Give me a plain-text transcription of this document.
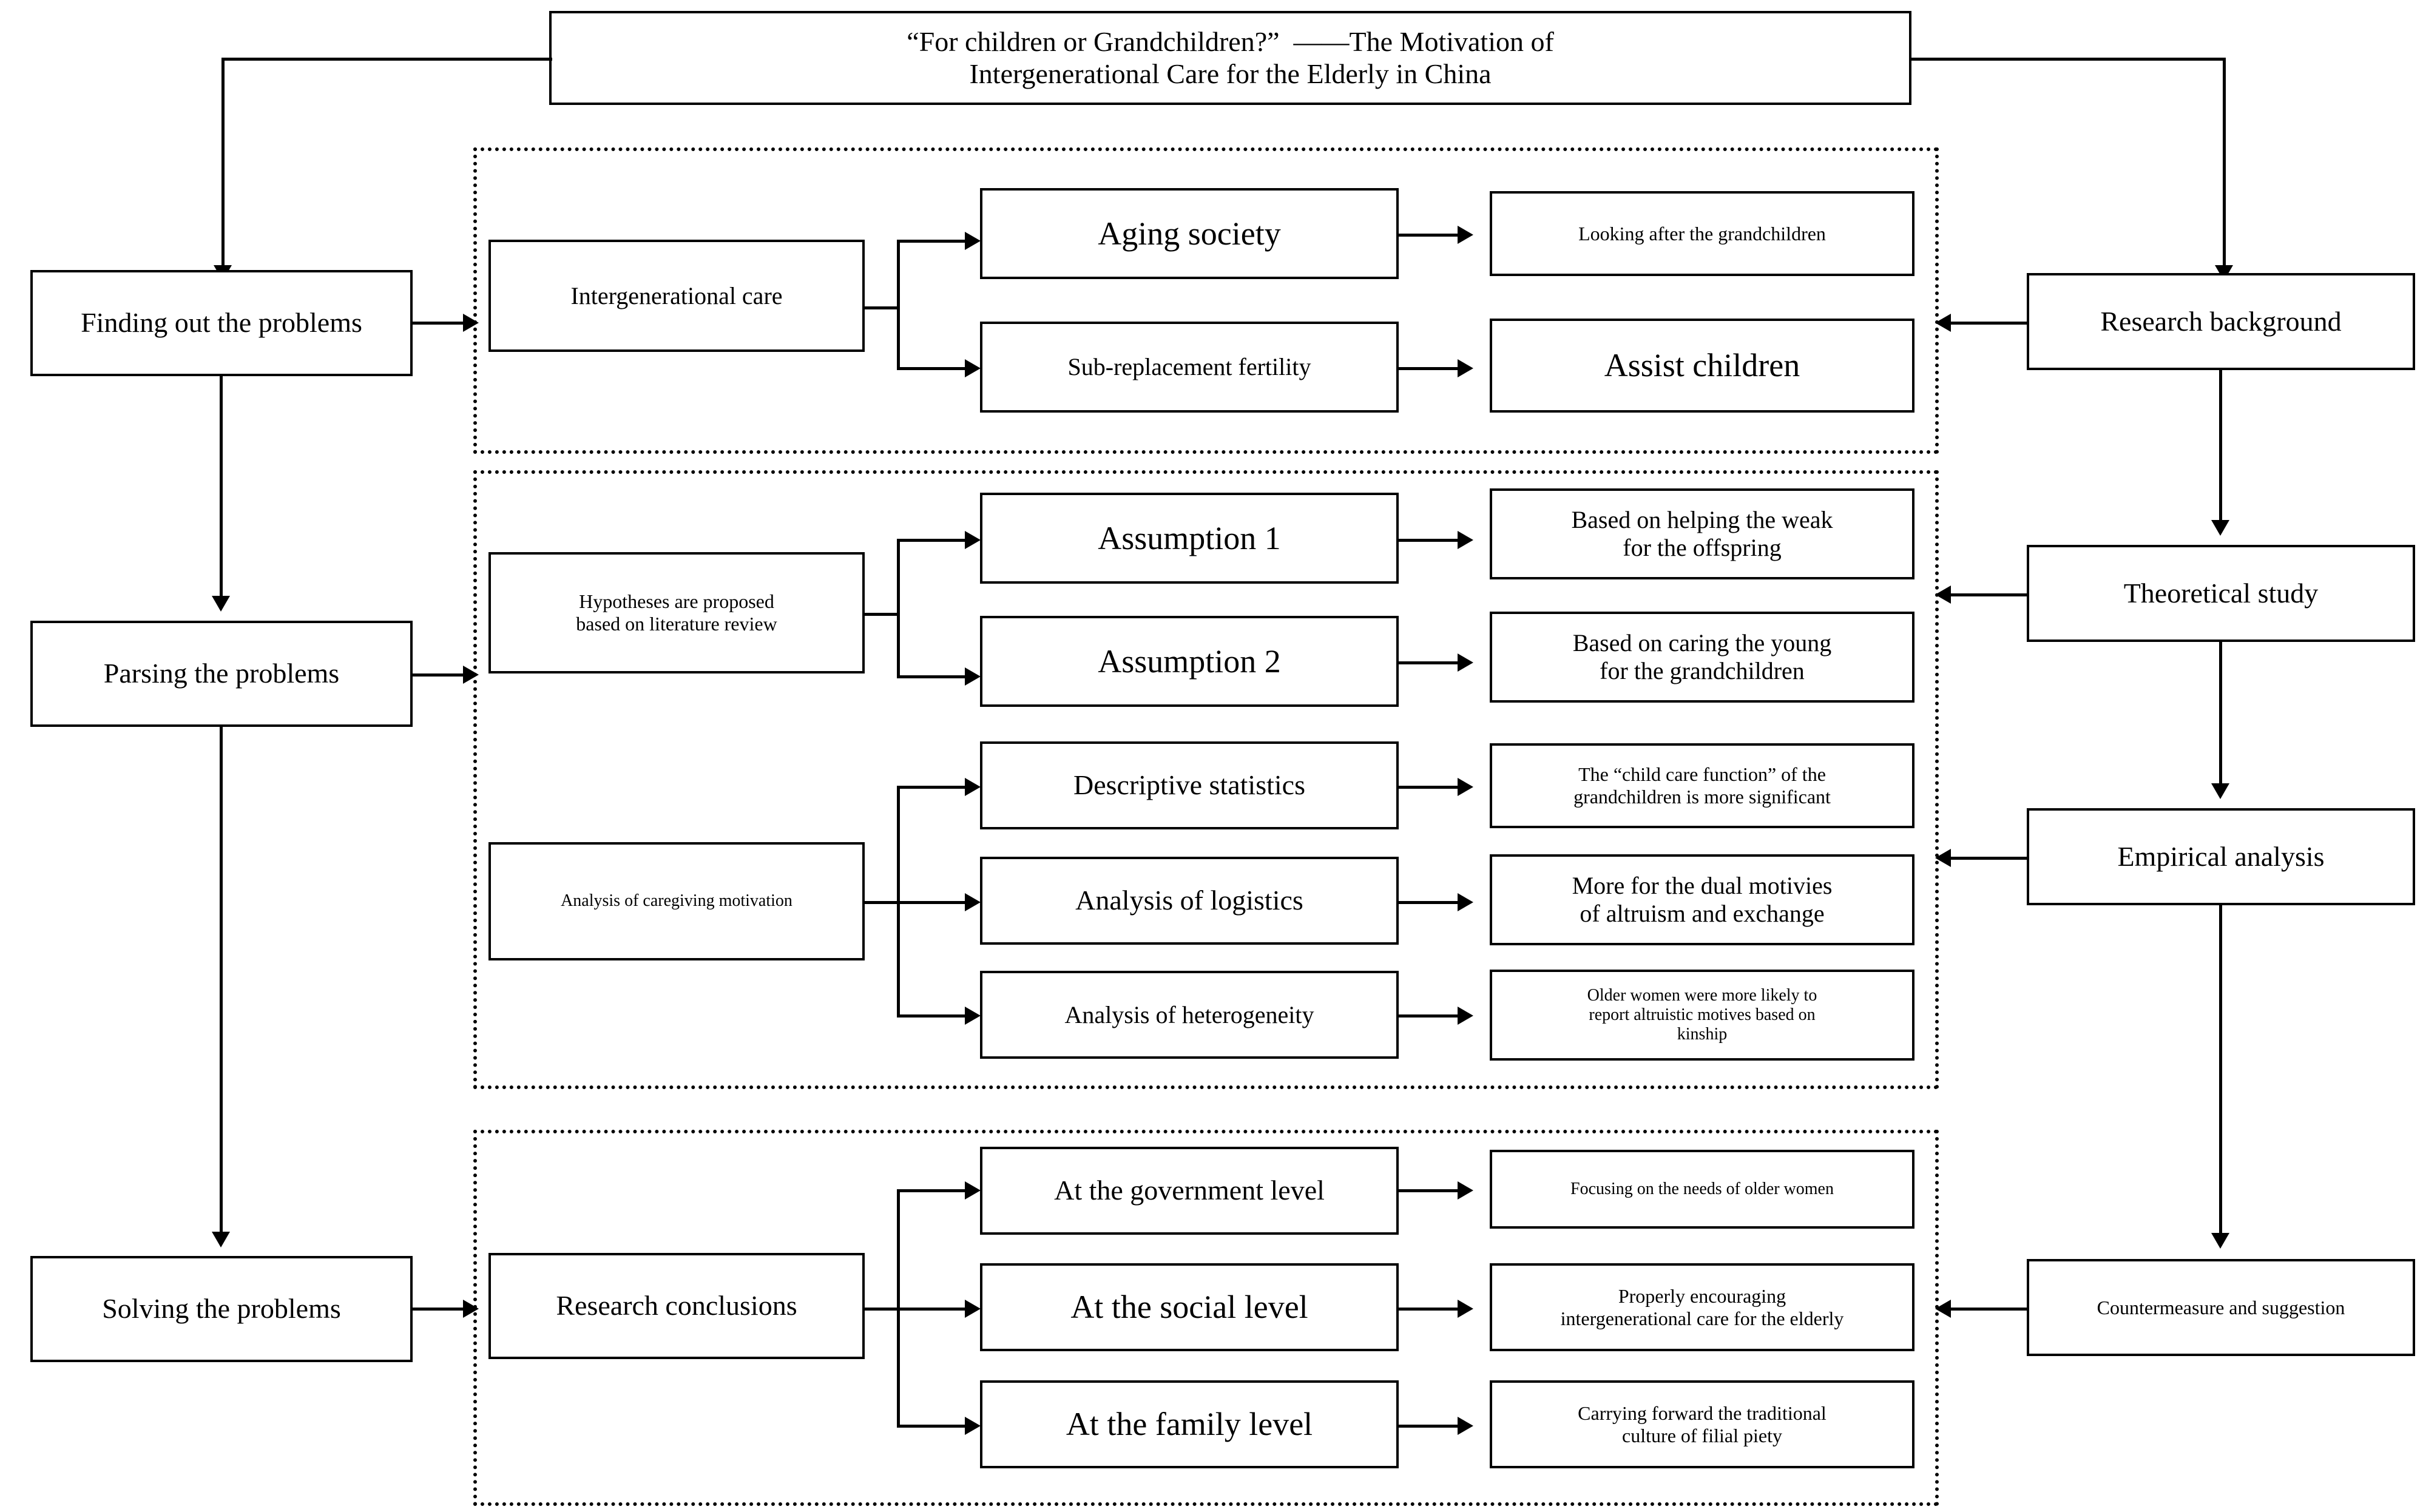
“For children or Grandchildren?”  ——The Motivation of
Intergenerational Care for the Elderly in China
Finding out the problems
Parsing the problems
Solving the problems
Research background
Theoretical study
Empirical analysis
Countermeasure and suggestion
Intergenerational care
Aging society
Sub-replacement fertility
Looking after the grandchildren
Assist children
Hypotheses are proposed
based on literature review
Assumption 1
Assumption 2
Based on helping the weak
for the offspring
Based on caring the young
for the grandchildren
Analysis of caregiving motivation
Descriptive statistics
Analysis of logistics
Analysis of heterogeneity
The “child care function” of the
grandchildren is more significant
More for the dual motivies
of altruism and exchange
Older women were more likely to
report altruistic motives based on
kinship
Research conclusions
At the government level
At the social level
At the family level
Focusing on the needs of older women
Properly encouraging
intergenerational care for the elderly
Carrying forward the traditional
culture of filial piety
